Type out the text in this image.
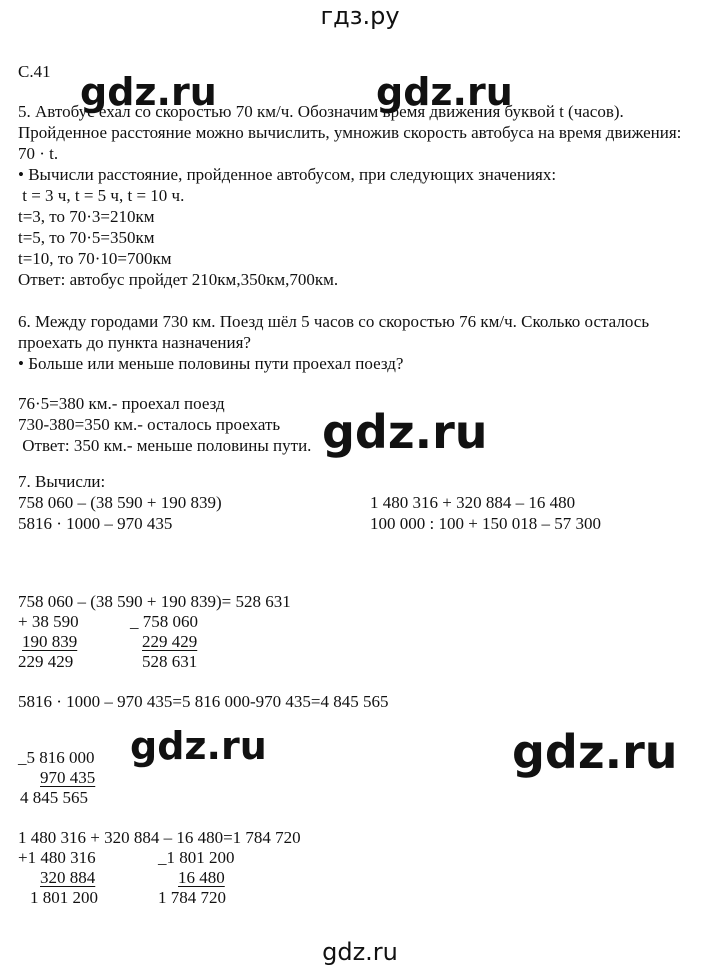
гдз.ру
gdz.ru	gdz.ru
gdz.ru
gdz.ru	gdz.ru
С.41
5. Автобус ехал со скоростью 70 км/ч. Обозначим время движения буквой t (часов).
Пройденное расстояние можно вычислить, умножив скорость автобуса на время движения:
70 · t.
• Вычисли расстояние, пройденное автобусом, при следующих значениях:
t = 3 ч, t = 5 ч, t = 10 ч.
t=3, то 70·3=210км
t=5, то 70·5=350км
t=10, то 70·10=700км
Ответ: автобус пройдет 210км,350км,700км.
6. Между городами 730 км. Поезд шёл 5 часов со скоростью 76 км/ч. Сколько осталось
проехать до пункта назначения?
• Больше или меньше половины пути проехал поезд?
76·5=380 км.- проехал поезд
730-380=350 км.- осталось проехать
Ответ: 350 км.- меньше половины пути.
7. Вычисли:
758 060 – (38 590 + 190 839)	1 480 316 + 320 884 – 16 480
5816 · 1000 – 970 435	100 000 : 100 + 150 018 – 57 300
758 060 – (38 590 + 190 839)= 528 631
+ 38 590
190 839
229 429
_ 758 060
229 429
528 631
5816 · 1000 – 970 435=5 816 000-970 435=4 845 565
_5 816 000
970 435
4 845 565
1 480 316 + 320 884 – 16 480=1 784 720
+1 480 316
320 884
1 801 200
_1 801 200
16 480
1 784 720
gdz.ru
